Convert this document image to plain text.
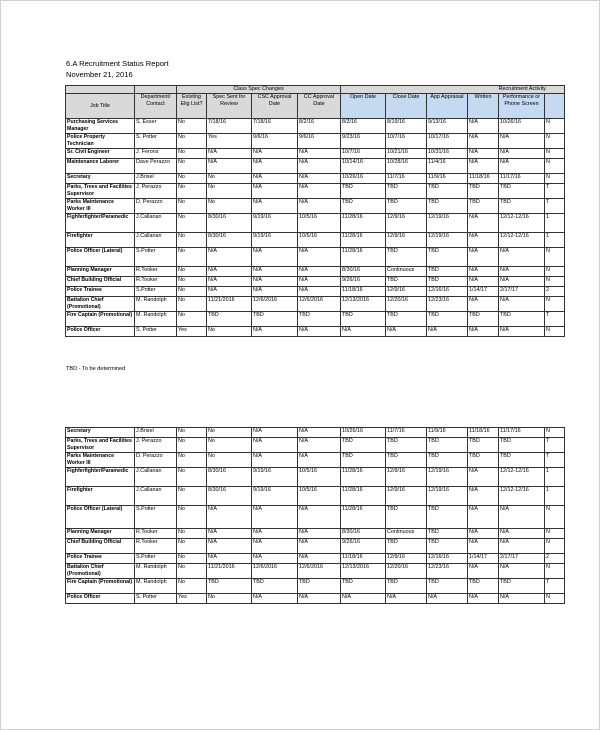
6.A Recruitment Status Report
November 21, 2016
		Class Spec Changes				Recruitment Activity					
Job Title	Department/ Contact	Existing Elig List?	Spec Sent for Review	CSC Approval Date	CC Approval Date	Open Date	Close Date	App Appraisal	Written	Performance or Phone Screen	
Purchasing Services Manager	S. Esser	No	7/18/16	7/18/16	8/2/16	8/3/16	8/19/16	9/13/16	N/A	10/26/16	N
Police Property Technician	S. Potter	No	Yes	9/6/16	9/6/16	9/23/16	10/7/16	10/17/16	N/A	N/A	N
Sr. Civil Engineer	J. Ferons	No	N/A	N/A	N/A	10/7/16	10/21/16	10/31/16	N/A	N/A	N
Maintenance Laborer	Dave Perazzo	No	N/A	N/A	N/A	10/14/16	10/28/16	11/4/16	N/A	N/A	N
Secretary	J.Brisel	No	No	N/A	N/A	10/26/16	11/7/16	11/9/16	11/18/16	11/17/16	N
Parks, Trees and Facilities Supervisor	J. Perazzo	No	No	N/A	N/A	TBD	TBD	TBD	TBD	TBD	T
Parks Maintenance Worker III	D. Perazzo	No	No	N/A	N/A	TBD	TBD	TBD	TBD	TBD	T
Fighferfighter/Paramedic	J.Callanan	No	8/30/16	9/19/16	10/5/16	11/28/16	12/9/16	12/19/16	N/A	12/12-12/16	1
Firefighter	J.Callanan	No	8/30/16	9/19/16	10/5/16	11/28/16	12/9/16	12/19/16	N/A	12/12-12/16	1
Police Officer (Lateral)	S.Potter	No	N/A	N/A	N/A	11/28/16	TBD	TBD	N/A	N/A	N
Planning Manager	R.Tooker	No	N/A	N/A	N/A	8/30/16	Continuous	TBD	N/A	N/A	N
Chief Building Official	R.Tooker	No	N/A	N/A	N/A	9/26/16	TBD	TBD	N/A	N/A	N
Police Trainee	S.Potter	No	N/A	N/A	N/A	11/18/16	12/9/16	12/16/16	1/14/17	2/17/17	2
Battalion Chief (Promotional)	M. Randolph	No	11/21/2016	12/6/2016	12/6/2016	12/13/2016	12/20/16	12/23/16	N/A	N/A	N
Fire Captain (Promotional)	M. Randolph	No	TBD	TBD	TBD	TBD	TBD	TBD	TBD	TBD	T
Police Officer	S. Potter	Yes	No	N/A	N/A	N/A	N/A	N/A	N/A	N/A	N
TBD - To be determined
Secretary	J.Brisel	No	No	N/A	N/A	10/26/16	11/7/16	11/9/16	11/18/16	11/17/16	N
Parks, Trees and Facilities Supervisor	J. Perazzo	No	No	N/A	N/A	TBD	TBD	TBD	TBD	TBD	T
Parks Maintenance Worker III	D. Perazzo	No	No	N/A	N/A	TBD	TBD	TBD	TBD	TBD	T
Fighferfighter/Paramedic	J.Callanan	No	8/30/16	9/19/16	10/5/16	11/28/16	12/9/16	12/19/16	N/A	12/12-12/16	1
Firefighter	J.Callanan	No	8/30/16	9/19/16	10/5/16	11/28/16	12/9/16	12/19/16	N/A	12/12-12/16	1
Police Officer (Lateral)	S.Potter	No	N/A	N/A	N/A	11/28/16	TBD	TBD	N/A	N/A	N
Planning Manager	R.Tooker	No	N/A	N/A	N/A	8/30/16	Continuous	TBD	N/A	N/A	N
Chief Building Official	R.Tooker	No	N/A	N/A	N/A	9/26/16	TBD	TBD	N/A	N/A	N
Police Trainee	S.Potter	No	N/A	N/A	N/A	11/18/16	12/9/16	12/16/16	1/14/17	2/17/17	2
Battalion Chief (Promotional)	M. Randolph	No	11/21/2016	12/6/2016	12/6/2016	12/13/2016	12/20/16	12/23/16	N/A	N/A	N
Fire Captain (Promotional)	M. Randolph	No	TBD	TBD	TBD	TBD	TBD	TBD	TBD	TBD	T
Police Officer	S. Potter	Yes	No	N/A	N/A	N/A	N/A	N/A	N/A	N/A	N
